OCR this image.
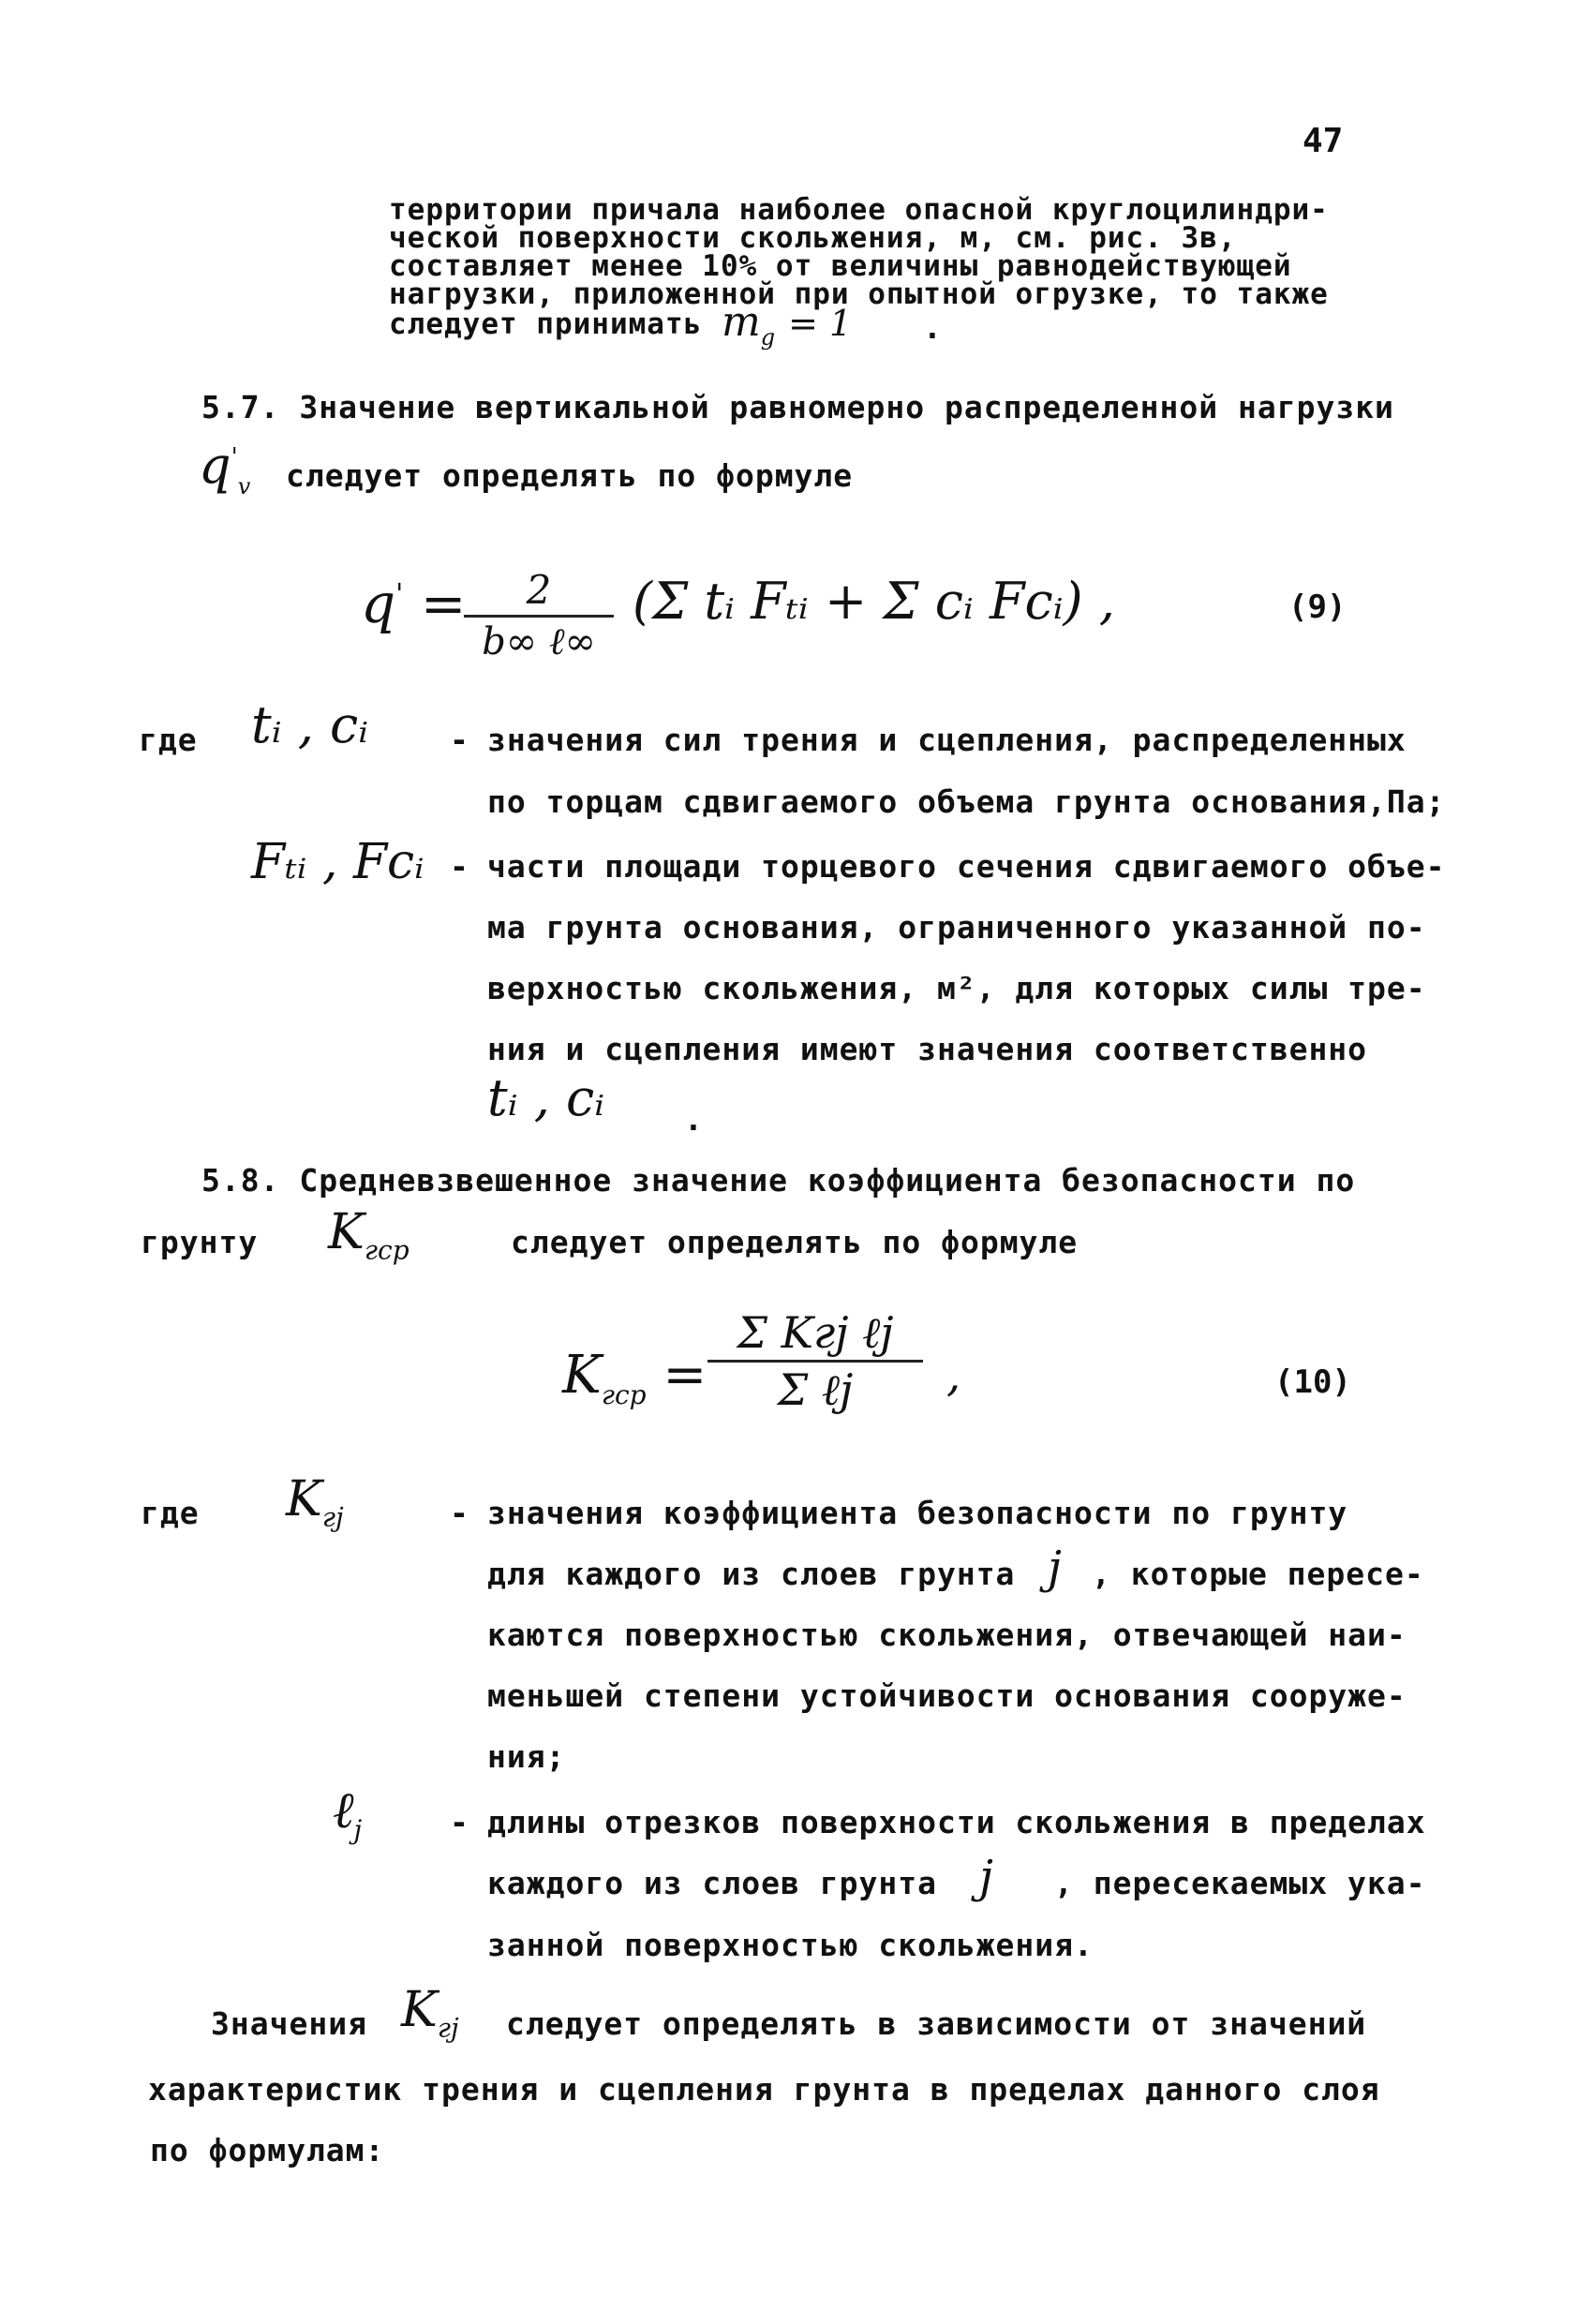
47
территории причала наиболее опасной круглоцилиндри-
ческой поверхности скольжения, м, см. рис. 3в,
составляет менее 10% от величины равнодействующей
нагрузки, приложенной при опытной огрузке, то также
следует принимать $m_g = 1$ .
5.7. Значение вертикальной равномерно распределенной нагрузки
$q'_v$ следует определять по формуле
q' = 2
b∞ ℓ∞
(Σ tᵢ Fₜᵢ + Σ cᵢ Fcᵢ) ,	(9)
где tᵢ , cᵢ	- значения сил трения и сцепления, распределенных
по торцам сдвигаемого объема грунта основания,Па;
Fₜᵢ , Fcᵢ - части площади торцевого сечения сдвигаемого объе-
ма грунта основания, ограниченного указанной по-
верхностью скольжения, м², для которых силы тре-
ния и сцепления имеют значения соответственно
tᵢ , cᵢ	.
5.8. Средневзвешенное значение коэффициента безопасности по
грунту $K_{гср}$	следует определять по формуле
$K_{гср}$ =
Σ Kгj ℓj
Σ ℓj ,	(10)
где $K_{гj}$	- значения коэффициента безопасности по грунту
для каждого из слоев грунта j , которые пересе-
каются поверхностью скольжения, отвечающей наи-
меньшей степени устойчивости основания сооруже-
ния;
ℓ$_j$	- длины отрезков поверхности скольжения в пределах
каждого из слоев грунта j , пересекаемых ука-
занной поверхностью скольжения.
Значения $K_{гj}$ следует определять в зависимости от значений
характеристик трения и сцепления грунта в пределах данного слоя
по формулам:
